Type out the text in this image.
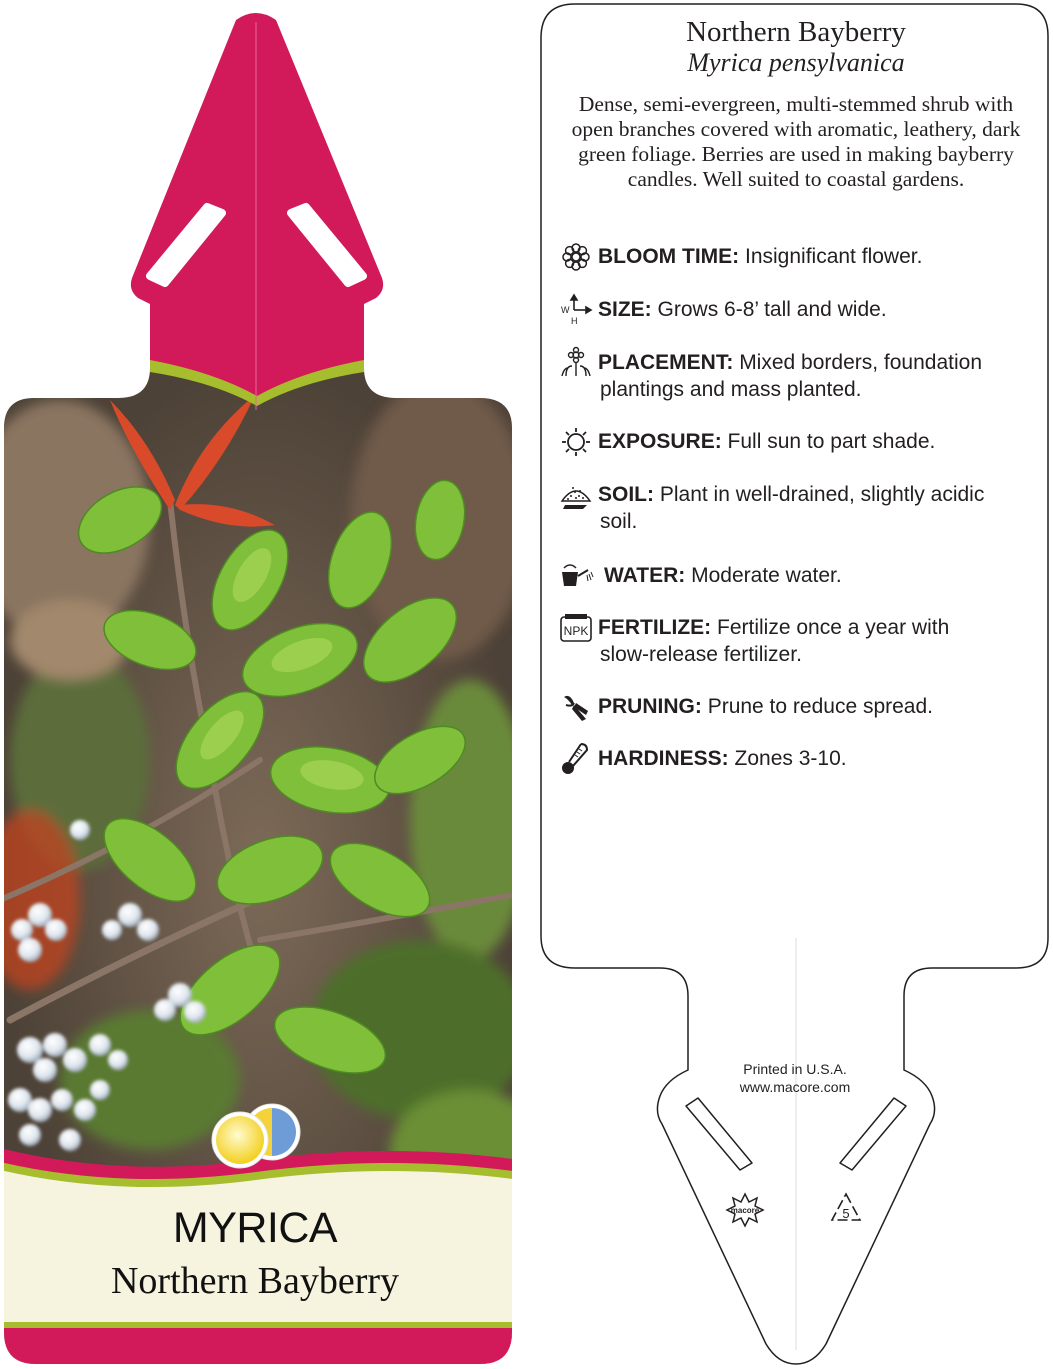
MYRICA
Northern Bayberry
macore	5
Northern Bayberry
Myrica pensylvanica
Dense, semi-evergreen, multi-stemmed shrub with open branches covered with aromatic, leathery, dark green foliage. Berries are used in making bayberry candles. Well suited to coastal gardens.
BLOOM TIME: Insignificant flower.
W
H SIZE: Grows 6-8’ tall and wide.
PLACEMENT: Mixed borders, foundation
plantings and mass planted.
EXPOSURE: Full sun to part shade.
SOIL: Plant in well-drained, slightly acidic
soil.
WATER: Moderate water.
NPK FERTILIZE: Fertilize once a year with
slow-release fertilizer.
PRUNING: Prune to reduce spread.
HARDINESS: Zones 3-10.
Printed in U.S.A.
www.macore.com
